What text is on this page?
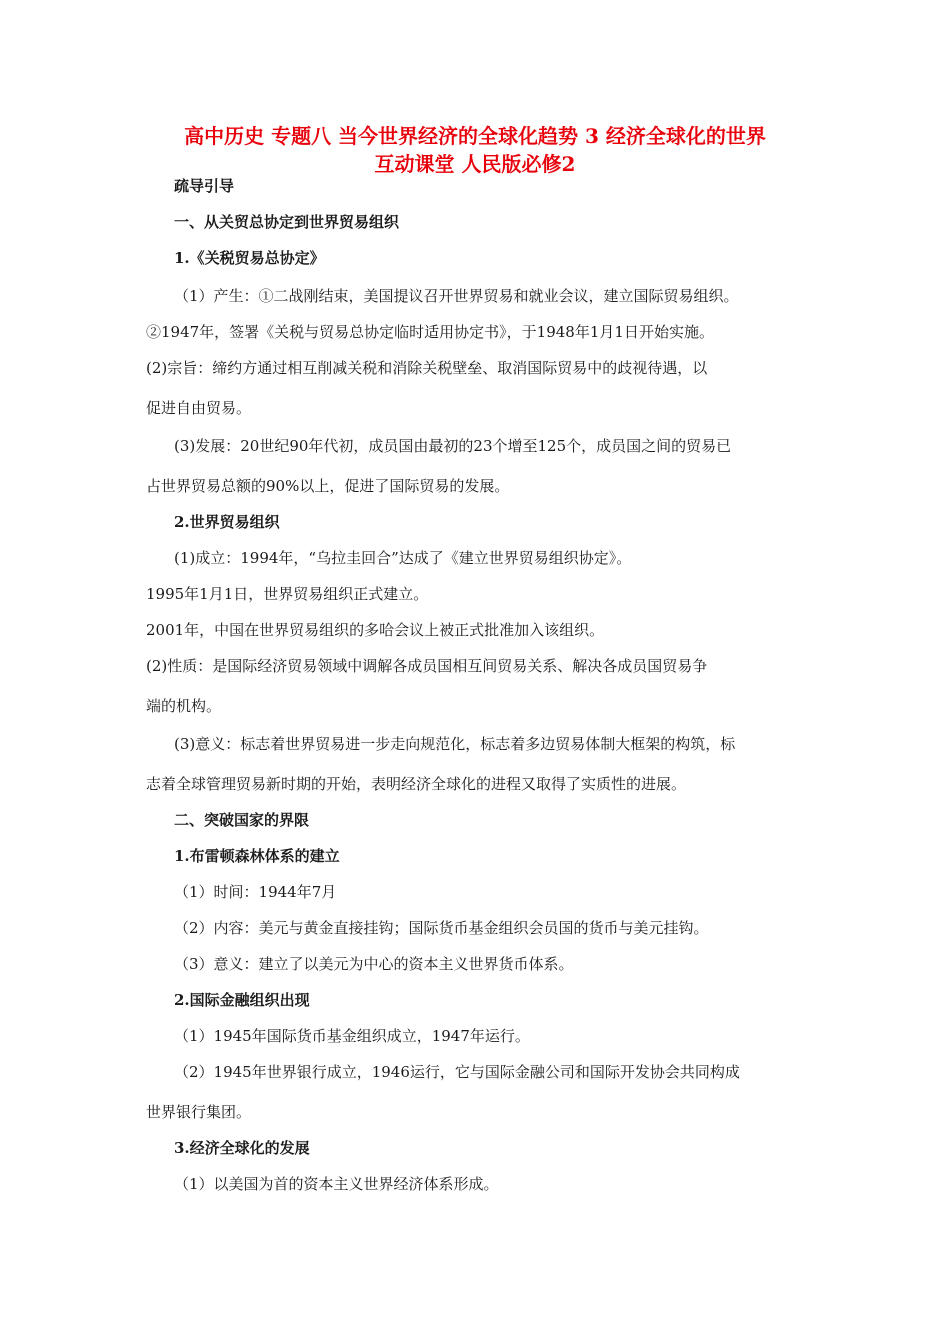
高中历史 专题八 当今世界经济的全球化趋势 3 经济全球化的世界
互动课堂 人民版必修2

疏导引导

一、从关贸总协定到世界贸易组织

1.《关税贸易总协定》

（1）产生：①二战刚结束，美国提议召开世界贸易和就业会议，建立国际贸易组织。

②1947年，签署《关税与贸易总协定临时适用协定书》，于1948年1月1日开始实施。

(2)宗旨：缔约方通过相互削减关税和消除关税壁垒、取消国际贸易中的歧视待遇，以

促进自由贸易。

(3)发展：20世纪90年代初，成员国由最初的23个增至125个，成员国之间的贸易已

占世界贸易总额的90%以上，促进了国际贸易的发展。

2.世界贸易组织

(1)成立：1994年，“乌拉圭回合”达成了《建立世界贸易组织协定》。

1995年1月1日，世界贸易组织正式建立。

2001年，中国在世界贸易组织的多哈会议上被正式批准加入该组织。

(2)性质：是国际经济贸易领域中调解各成员国相互间贸易关系、解决各成员国贸易争

端的机构。

(3)意义：标志着世界贸易进一步走向规范化，标志着多边贸易体制大框架的构筑，标

志着全球管理贸易新时期的开始，表明经济全球化的进程又取得了实质性的进展。

二、突破国家的界限

1.布雷顿森林体系的建立

（1）时间：1944年7月

（2）内容：美元与黄金直接挂钩；国际货币基金组织会员国的货币与美元挂钩。

（3）意义：建立了以美元为中心的资本主义世界货币体系。

2.国际金融组织出现

（1）1945年国际货币基金组织成立，1947年运行。

（2）1945年世界银行成立，1946运行，它与国际金融公司和国际开发协会共同构成

世界银行集团。

3.经济全球化的发展

（1）以美国为首的资本主义世界经济体系形成。
